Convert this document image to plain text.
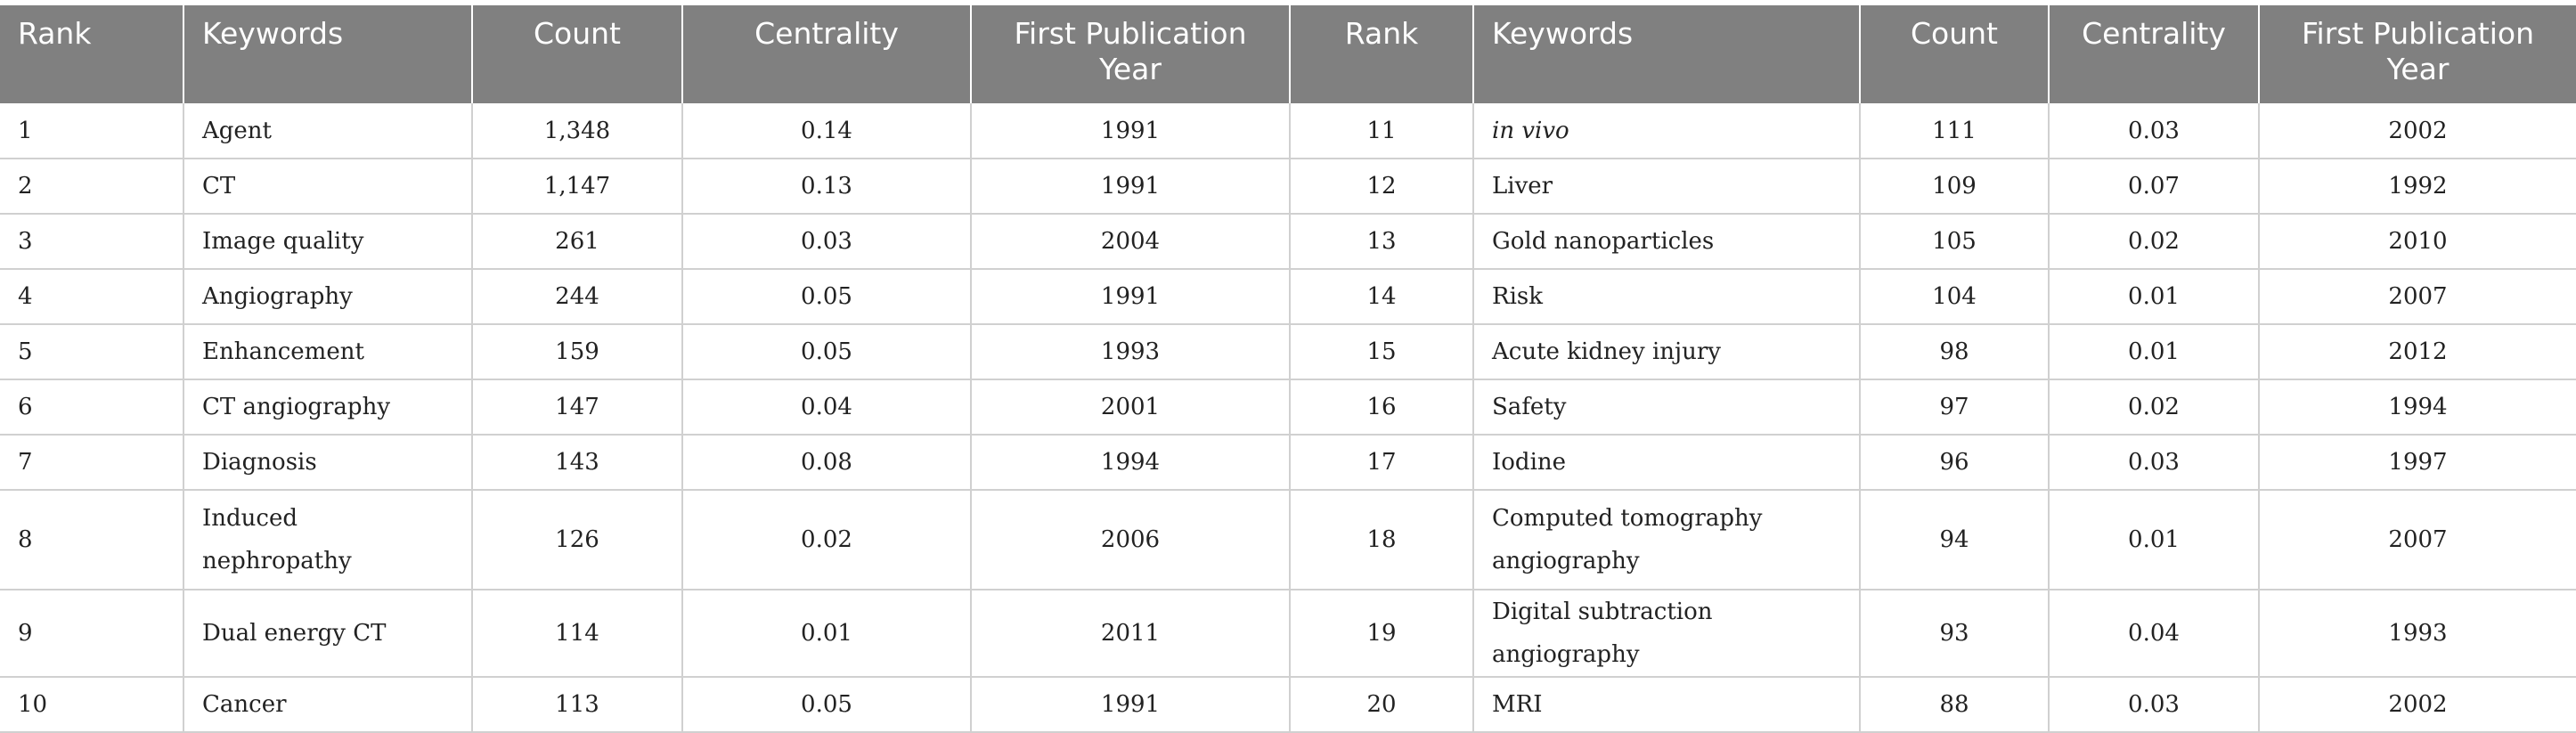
Rank	Keywords	Count	Centrality	First Publication Year	Rank	Keywords	Count	Centrality	First Publication Year
1	Agent	1,348	0.14	1991	11	in vivo	111	0.03	2002
2	CT	1,147	0.13	1991	12	Liver	109	0.07	1992
3	Image quality	261	0.03	2004	13	Gold nanoparticles	105	0.02	2010
4	Angiography	244	0.05	1991	14	Risk	104	0.01	2007
5	Enhancement	159	0.05	1993	15	Acute kidney injury	98	0.01	2012
6	CT angiography	147	0.04	2001	16	Safety	97	0.02	1994
7	Diagnosis	143	0.08	1994	17	Iodine	96	0.03	1997
8	Induced nephropathy	126	0.02	2006	18	Computed tomography angiography	94	0.01	2007
9	Dual energy CT	114	0.01	2011	19	Digital subtraction angiography	93	0.04	1993
10	Cancer	113	0.05	1991	20	MRI	88	0.03	2002
